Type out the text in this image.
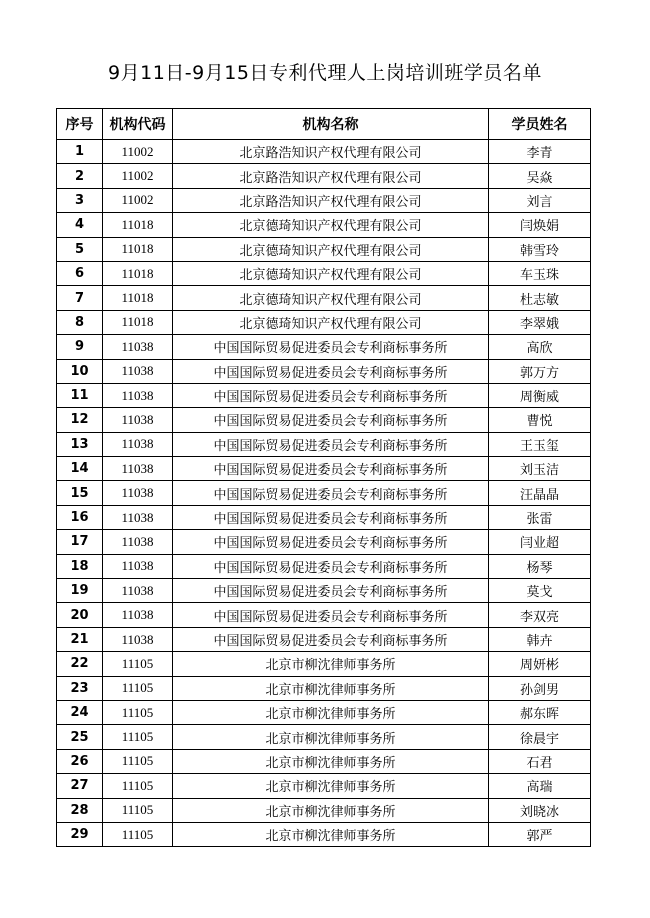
9月11日-9月15日专利代理人上岗培训班学员名单
序号	机构代码	机构名称	学员姓名
1	11002	北京路浩知识产权代理有限公司	李青
2	11002	北京路浩知识产权代理有限公司	吴焱
3	11002	北京路浩知识产权代理有限公司	刘言
4	11018	北京德琦知识产权代理有限公司	闫焕娟
5	11018	北京德琦知识产权代理有限公司	韩雪玲
6	11018	北京德琦知识产权代理有限公司	车玉珠
7	11018	北京德琦知识产权代理有限公司	杜志敏
8	11018	北京德琦知识产权代理有限公司	李翠娥
9	11038	中国国际贸易促进委员会专利商标事务所	高欣
10	11038	中国国际贸易促进委员会专利商标事务所	郭万方
11	11038	中国国际贸易促进委员会专利商标事务所	周衡威
12	11038	中国国际贸易促进委员会专利商标事务所	曹悦
13	11038	中国国际贸易促进委员会专利商标事务所	王玉玺
14	11038	中国国际贸易促进委员会专利商标事务所	刘玉洁
15	11038	中国国际贸易促进委员会专利商标事务所	汪晶晶
16	11038	中国国际贸易促进委员会专利商标事务所	张雷
17	11038	中国国际贸易促进委员会专利商标事务所	闫业超
18	11038	中国国际贸易促进委员会专利商标事务所	杨琴
19	11038	中国国际贸易促进委员会专利商标事务所	莫戈
20	11038	中国国际贸易促进委员会专利商标事务所	李双亮
21	11038	中国国际贸易促进委员会专利商标事务所	韩卉
22	11105	北京市柳沈律师事务所	周妍彬
23	11105	北京市柳沈律师事务所	孙剑男
24	11105	北京市柳沈律师事务所	郝东晖
25	11105	北京市柳沈律师事务所	徐晨宇
26	11105	北京市柳沈律师事务所	石君
27	11105	北京市柳沈律师事务所	高瑞
28	11105	北京市柳沈律师事务所	刘晓冰
29	11105	北京市柳沈律师事务所	郭严
